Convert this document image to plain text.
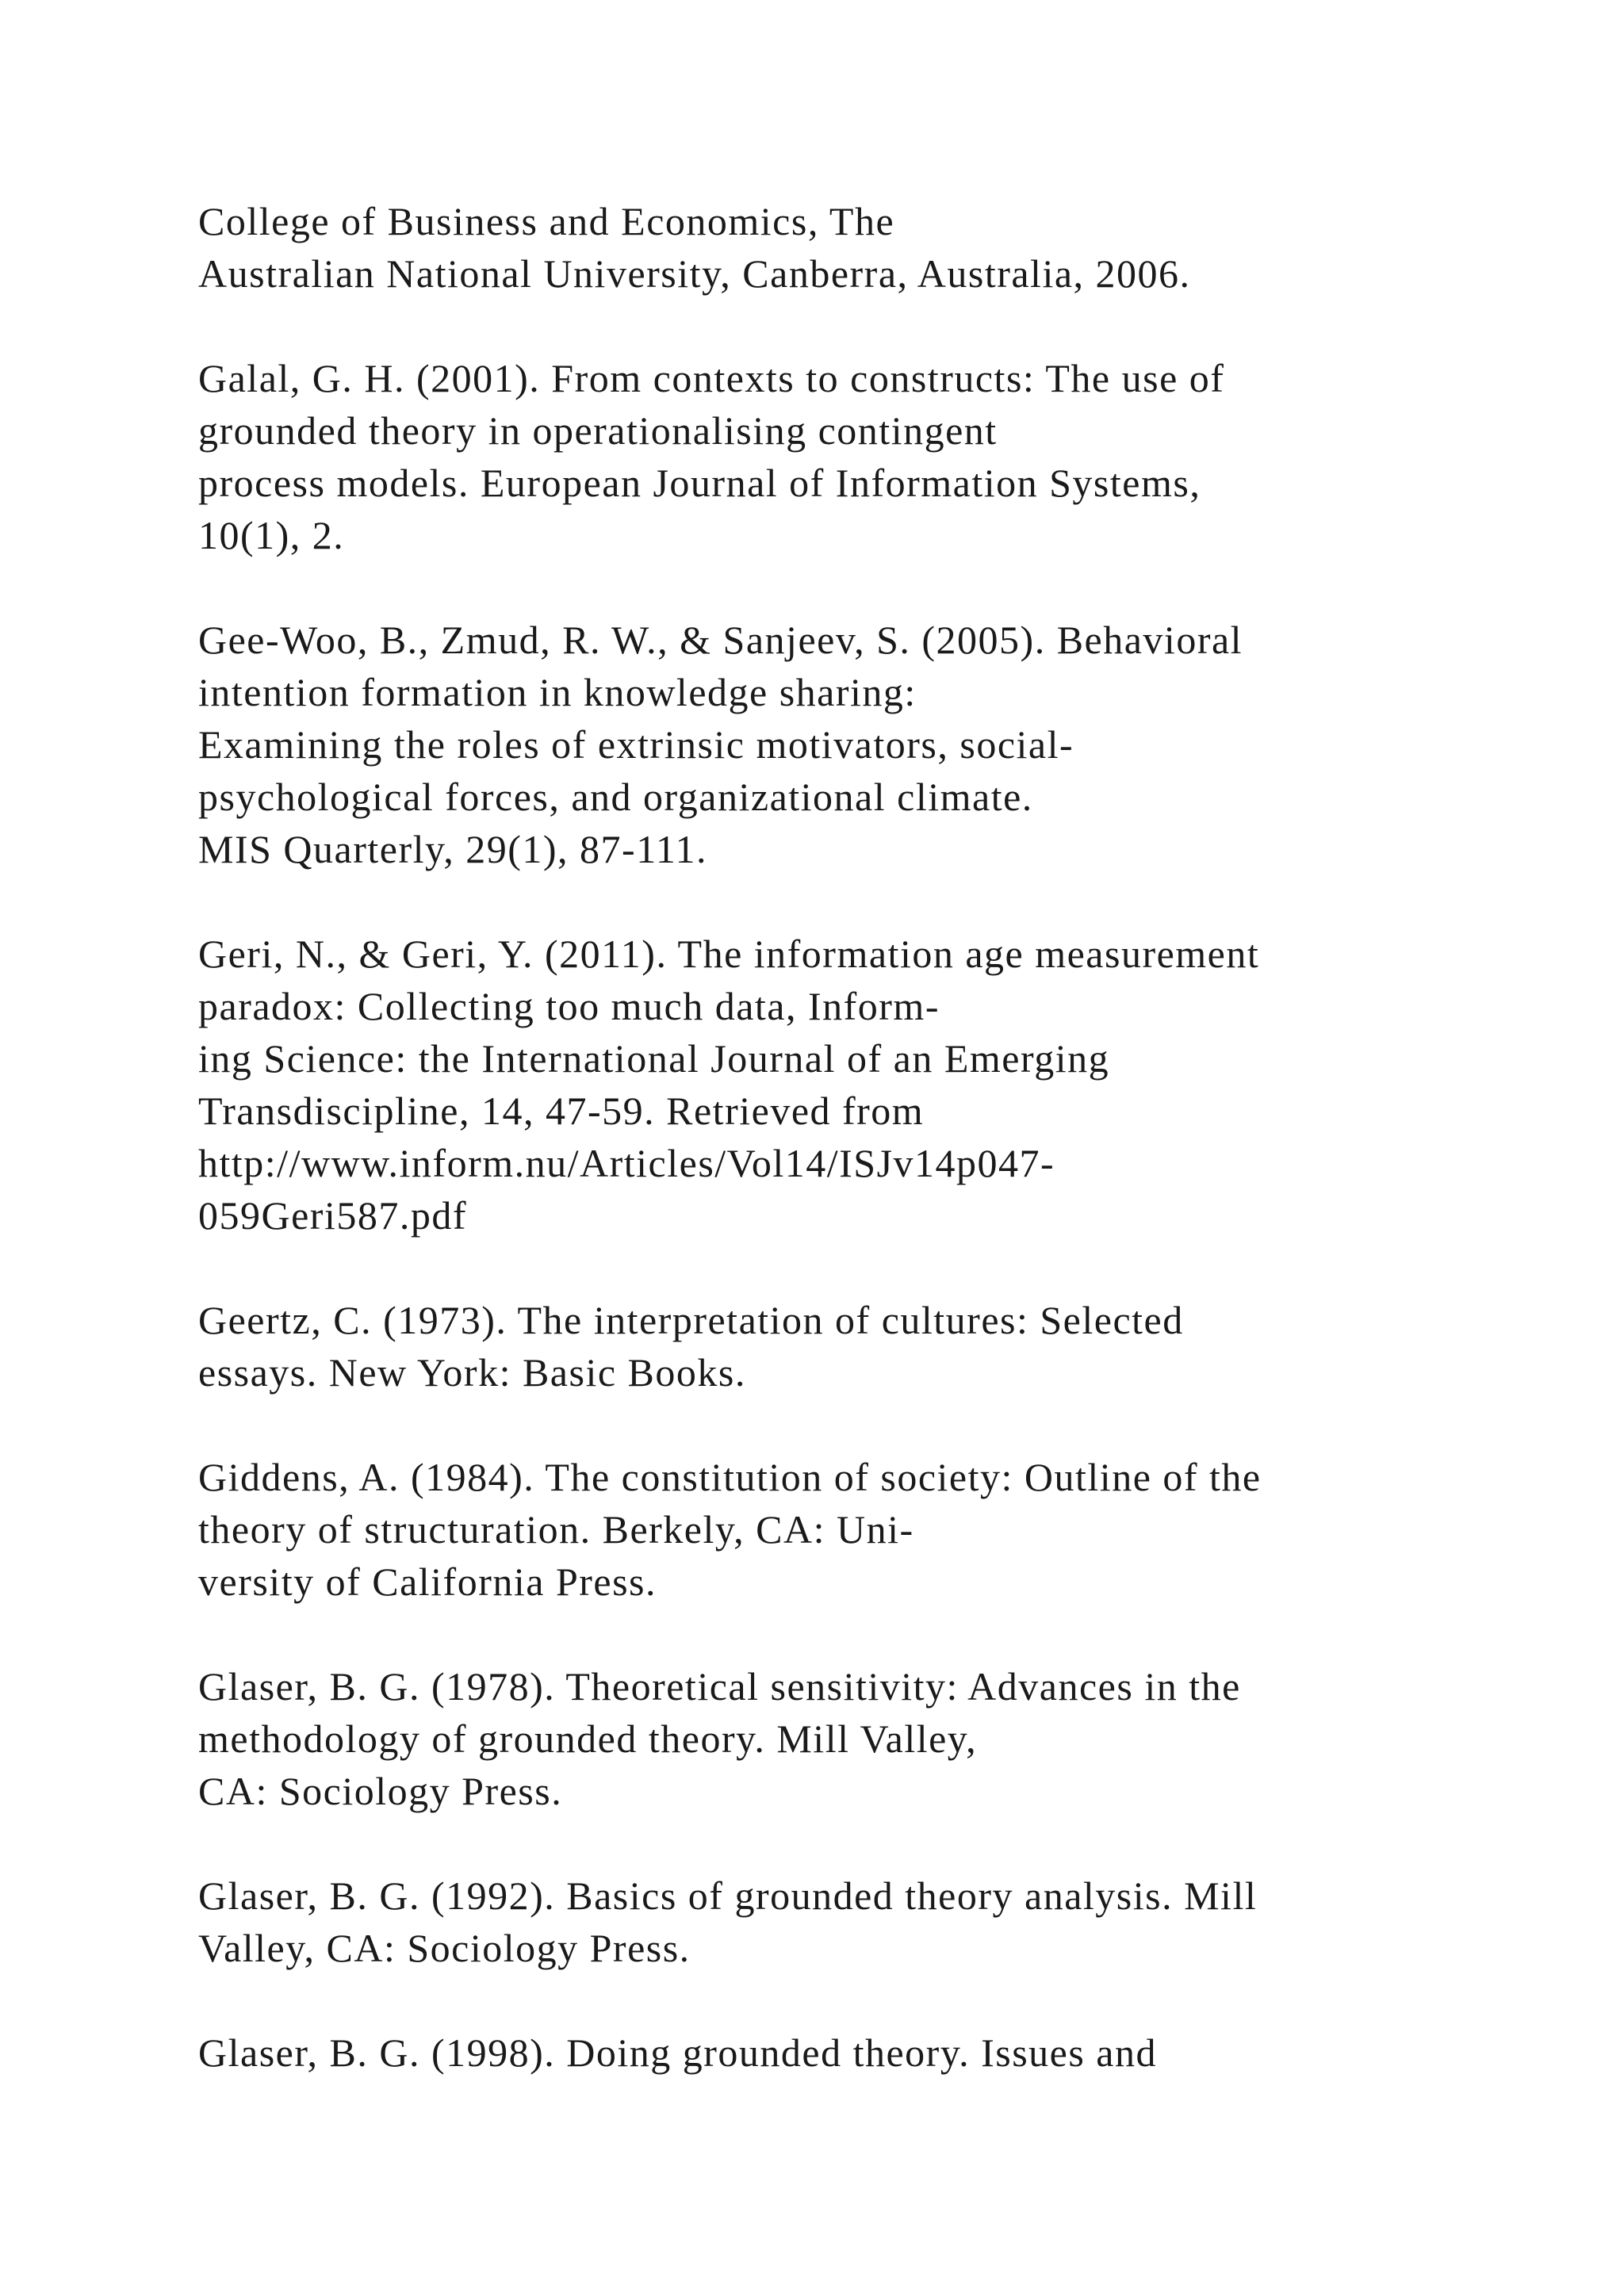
College of Business and Economics, The
Australian National University, Canberra, Australia, 2006.
Galal, G. H. (2001). From contexts to constructs: The use of
grounded theory in operationalising contingent
process models. European Journal of Information Systems,
10(1), 2.
Gee-Woo, B., Zmud, R. W., & Sanjeev, S. (2005). Behavioral
intention formation in knowledge sharing:
Examining the roles of extrinsic motivators, social-
psychological forces, and organizational climate.
MIS Quarterly, 29(1), 87-111.
Geri, N., & Geri, Y. (2011). The information age measurement
paradox: Collecting too much data, Inform-
ing Science: the International Journal of an Emerging
Transdiscipline, 14, 47-59. Retrieved from
http://www.inform.nu/Articles/Vol14/ISJv14p047-
059Geri587.pdf
Geertz, C. (1973). The interpretation of cultures: Selected
essays. New York: Basic Books.
Giddens, A. (1984). The constitution of society: Outline of the
theory of structuration. Berkely, CA: Uni-
versity of California Press.
Glaser, B. G. (1978). Theoretical sensitivity: Advances in the
methodology of grounded theory. Mill Valley,
CA: Sociology Press.
Glaser, B. G. (1992). Basics of grounded theory analysis. Mill
Valley, CA: Sociology Press.
Glaser, B. G. (1998). Doing grounded theory. Issues and
